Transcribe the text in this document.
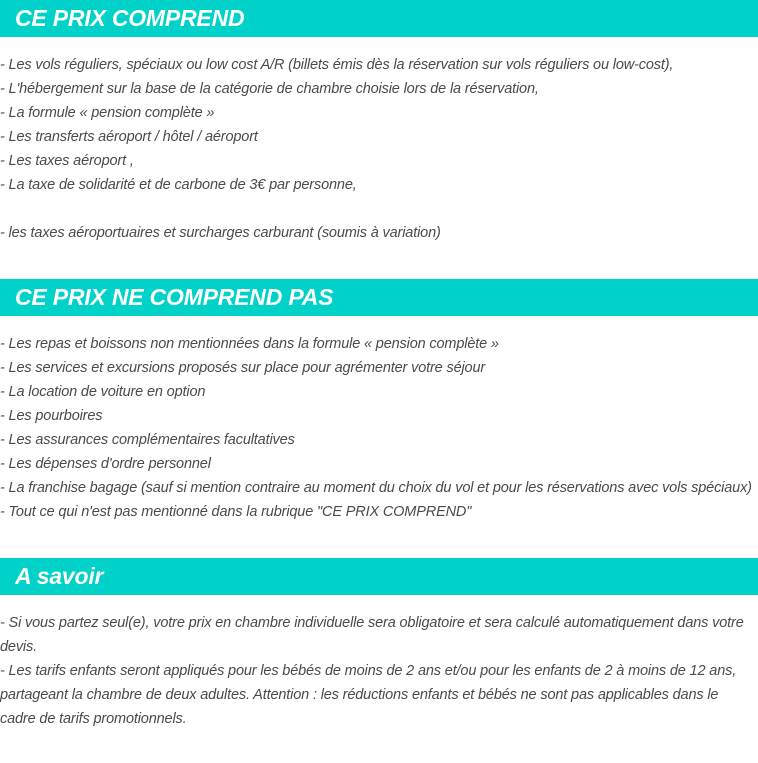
CE PRIX COMPREND
- Les vols réguliers, spéciaux ou low cost A/R (billets émis dès la réservation sur vols réguliers ou low-cost),
- L'hébergement sur la base de la catégorie de chambre choisie lors de la réservation,
- La formule « pension complète »
- Les transferts aéroport / hôtel / aéroport
- Les taxes aéroport ,
- La taxe de solidarité et de carbone de 3€ par personne,
- les taxes aéroportuaires et surcharges carburant (soumis à variation)
CE PRIX NE COMPREND PAS
- Les repas et boissons non mentionnées dans la formule « pension complète »
- Les services et excursions proposés sur place pour agrémenter votre séjour
- La location de voiture en option
- Les pourboires
- Les assurances complémentaires facultatives
- Les dépenses d'ordre personnel
- La franchise bagage (sauf si mention contraire au moment du choix du vol et pour les réservations avec vols spéciaux)
- Tout ce qui n'est pas mentionné dans la rubrique "CE PRIX COMPREND"
A savoir
- Si vous partez seul(e), votre prix en chambre individuelle sera obligatoire et sera calculé automatiquement dans votre devis.
- Les tarifs enfants seront appliqués pour les bébés de moins de 2 ans et/ou pour les enfants de 2 à moins de 12 ans, partageant la chambre de deux adultes. Attention : les réductions enfants et bébés ne sont pas applicables dans le cadre de tarifs promotionnels.
